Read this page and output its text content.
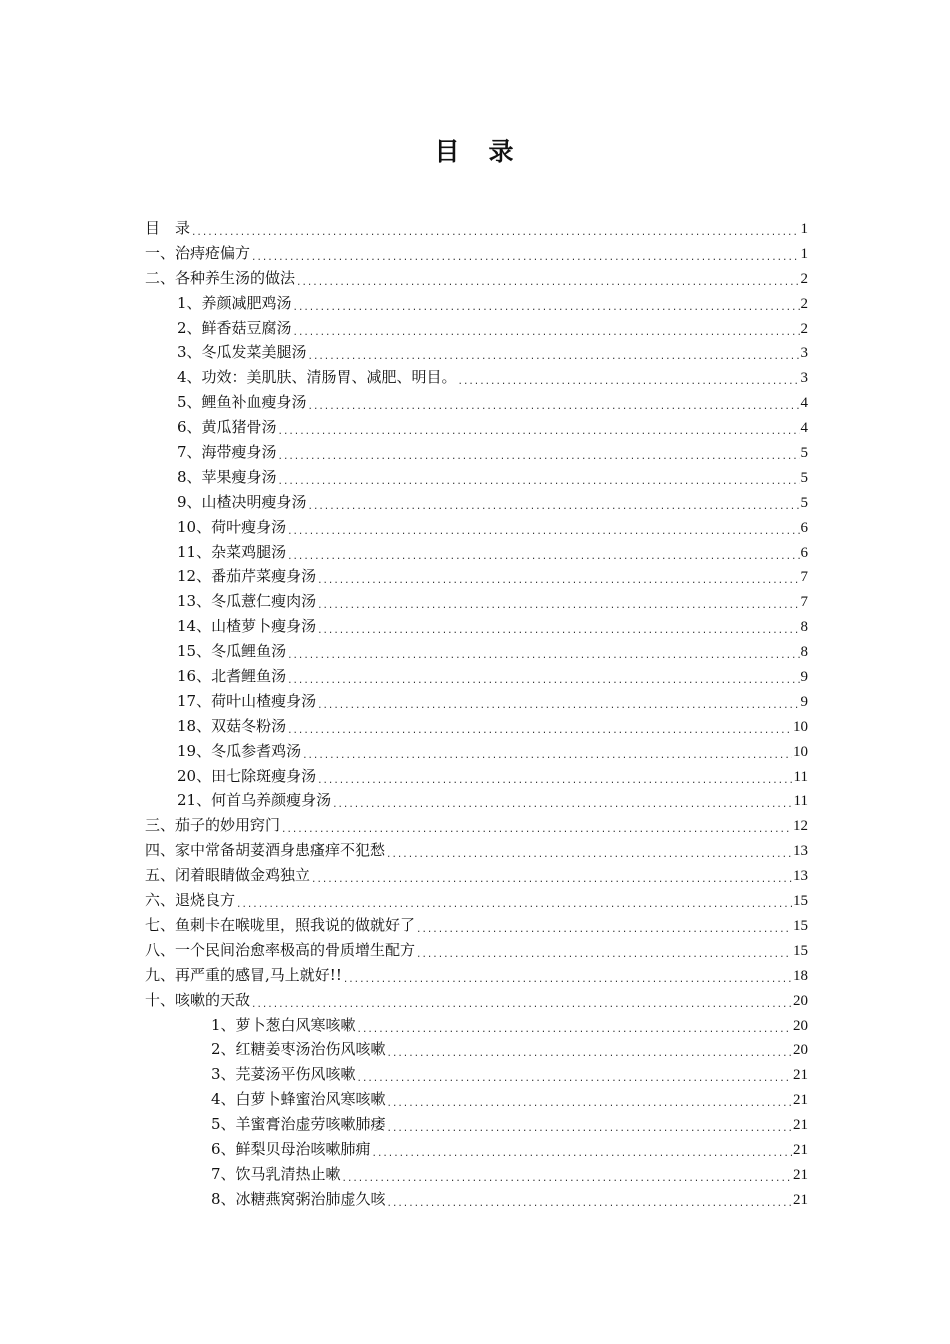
目　录
目　录 .....	1
一、 治痔疮偏方 .....	1
二、 各种养生汤的做法 .....	2
1、养颜减肥鸡汤 .....	2
2、鲜香菇豆腐汤 .....	2
3、冬瓜发菜美腿汤 .....	3
4、功效：美肌肤、清肠胃、减肥、明目。 .....	3
5、鲤鱼补血瘦身汤 .....	4
6、黄瓜猪骨汤 .....	4
7、海带瘦身汤 .....	5
8、苹果瘦身汤 .....	5
9、山楂决明瘦身汤 .....	5
10、荷叶瘦身汤 .....	6
11、杂菜鸡腿汤 .....	6
12、番茄芹菜瘦身汤 .....	7
13、冬瓜薏仁瘦肉汤 .....	7
14、山楂萝卜瘦身汤 .....	8
15、冬瓜鲤鱼汤 .....	8
16、北耆鲤鱼汤 .....	9
17、荷叶山楂瘦身汤 .....	9
18、双菇冬粉汤 .....	10
19、冬瓜参耆鸡汤 .....	10
20、田七除斑瘦身汤 .....	11
21、何首乌养颜瘦身汤 .....	11
三、 茄子的妙用窍门 .....	12
四、 家中常备胡荽酒身患瘙痒不犯愁 .....	13
五、 闭着眼睛做金鸡独立 .....	13
六、 退烧良方 .....	15
七、 鱼刺卡在喉咙里，照我说的做就好了 .....	15
八、 一个民间治愈率极高的骨质增生配方 .....	15
九、 再严重的感冒,马上就好!! .....	18
十、 咳嗽的天敌 .....	20
1、萝卜葱白风寒咳嗽 .....	20
2、红糖姜枣汤治伤风咳嗽 .....	20
3、芫荽汤平伤风咳嗽 .....	21
4、白萝卜蜂蜜治风寒咳嗽 .....	21
5、羊蜜膏治虚劳咳嗽肺痿 .....	21
6、鲜梨贝母治咳嗽肺痈 .....	21
7、饮马乳清热止嗽 .....	21
8、冰糖燕窝粥治肺虚久咳 .....	21
